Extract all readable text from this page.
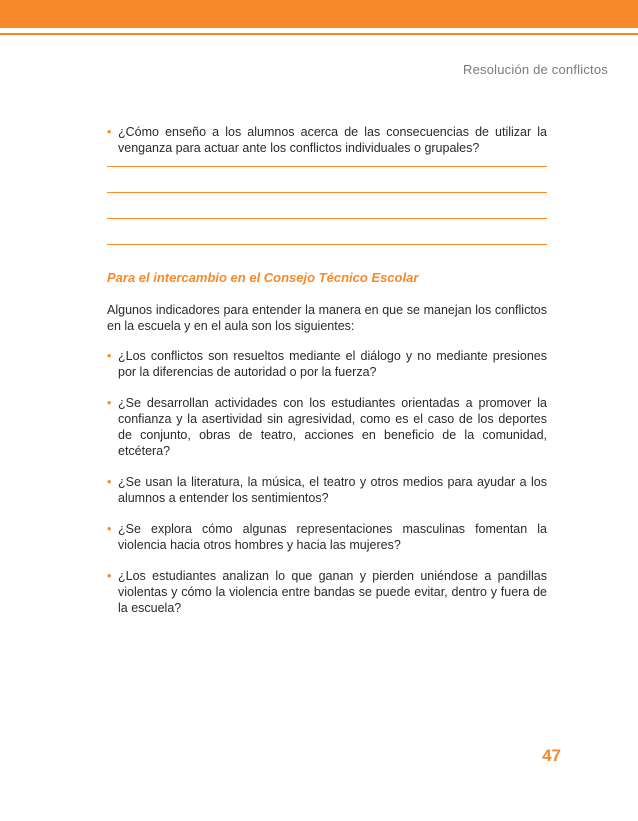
Resolución de conflictos
• ¿Cómo enseño a los alumnos acerca de las consecuencias de utilizar la venganza para actuar ante los conflictos individuales o grupales?
Para el intercambio en el Consejo Técnico Escolar
Algunos indicadores para entender la manera en que se manejan los conflictos en la escuela y en el aula son los siguientes:
• ¿Los conflictos son resueltos mediante el diálogo y no mediante presiones por la diferencias de autoridad o por la fuerza?
• ¿Se desarrollan actividades con los estudiantes orientadas a promover la confianza y la asertividad sin agresividad, como es el caso de los deportes de conjunto, obras de teatro, acciones en beneficio de la comunidad, etcétera?
• ¿Se usan la literatura, la música, el teatro y otros medios para ayudar a los alumnos a entender los sentimientos?
• ¿Se explora cómo algunas representaciones masculinas fomentan la violencia hacia otros hombres y hacia las mujeres?
• ¿Los estudiantes analizan lo que ganan y pierden uniéndose a pandillas violentas y cómo la violencia entre bandas se puede evitar, dentro y fuera de la escuela?
47
